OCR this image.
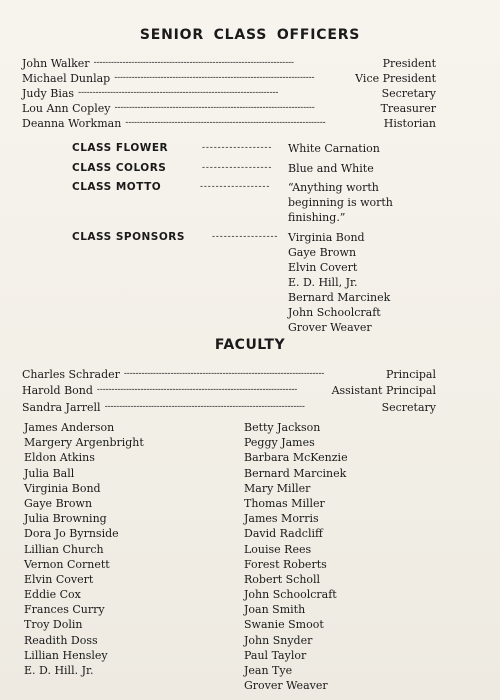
SENIOR CLASS OFFICERS
John Walker - - -	President
Michael Dunlap - - -	Vice President
Judy Bias - - -	Secretary
Lou Ann Copley - - -	Treasurer
Deanna Workman - - -	Historian
CLASS FLOWER - - -	White Carnation
CLASS COLORS - - -	Blue and White
CLASS MOTTO - - -	“Anything worth
beginning is worth
finishing.”
CLASS SPONSORS - - -	Virginia Bond
Gaye Brown
Elvin Covert
E. D. Hill, Jr.
Bernard Marcinek
John Schoolcraft
Grover Weaver
FACULTY
Charles Schrader - - -	Principal
Harold Bond - - -	Assistant Principal
Sandra Jarrell - - -	Secretary
James Anderson
Margery Argenbright
Eldon Atkins
Julia Ball
Virginia Bond
Gaye Brown
Julia Browning
Dora Jo Byrnside
Lillian Church
Vernon Cornett
Elvin Covert
Eddie Cox
Frances Curry
Troy Dolin
Readith Doss
Lillian Hensley
E. D. Hill. Jr.
Betty Jackson
Peggy James
Barbara McKenzie
Bernard Marcinek
Mary Miller
Thomas Miller
James Morris
David Radcliff
Louise Rees
Forest Roberts
Robert Scholl
John Schoolcraft
Joan Smith
Swanie Smoot
John Snyder
Paul Taylor
Jean Tye
Grover Weaver
